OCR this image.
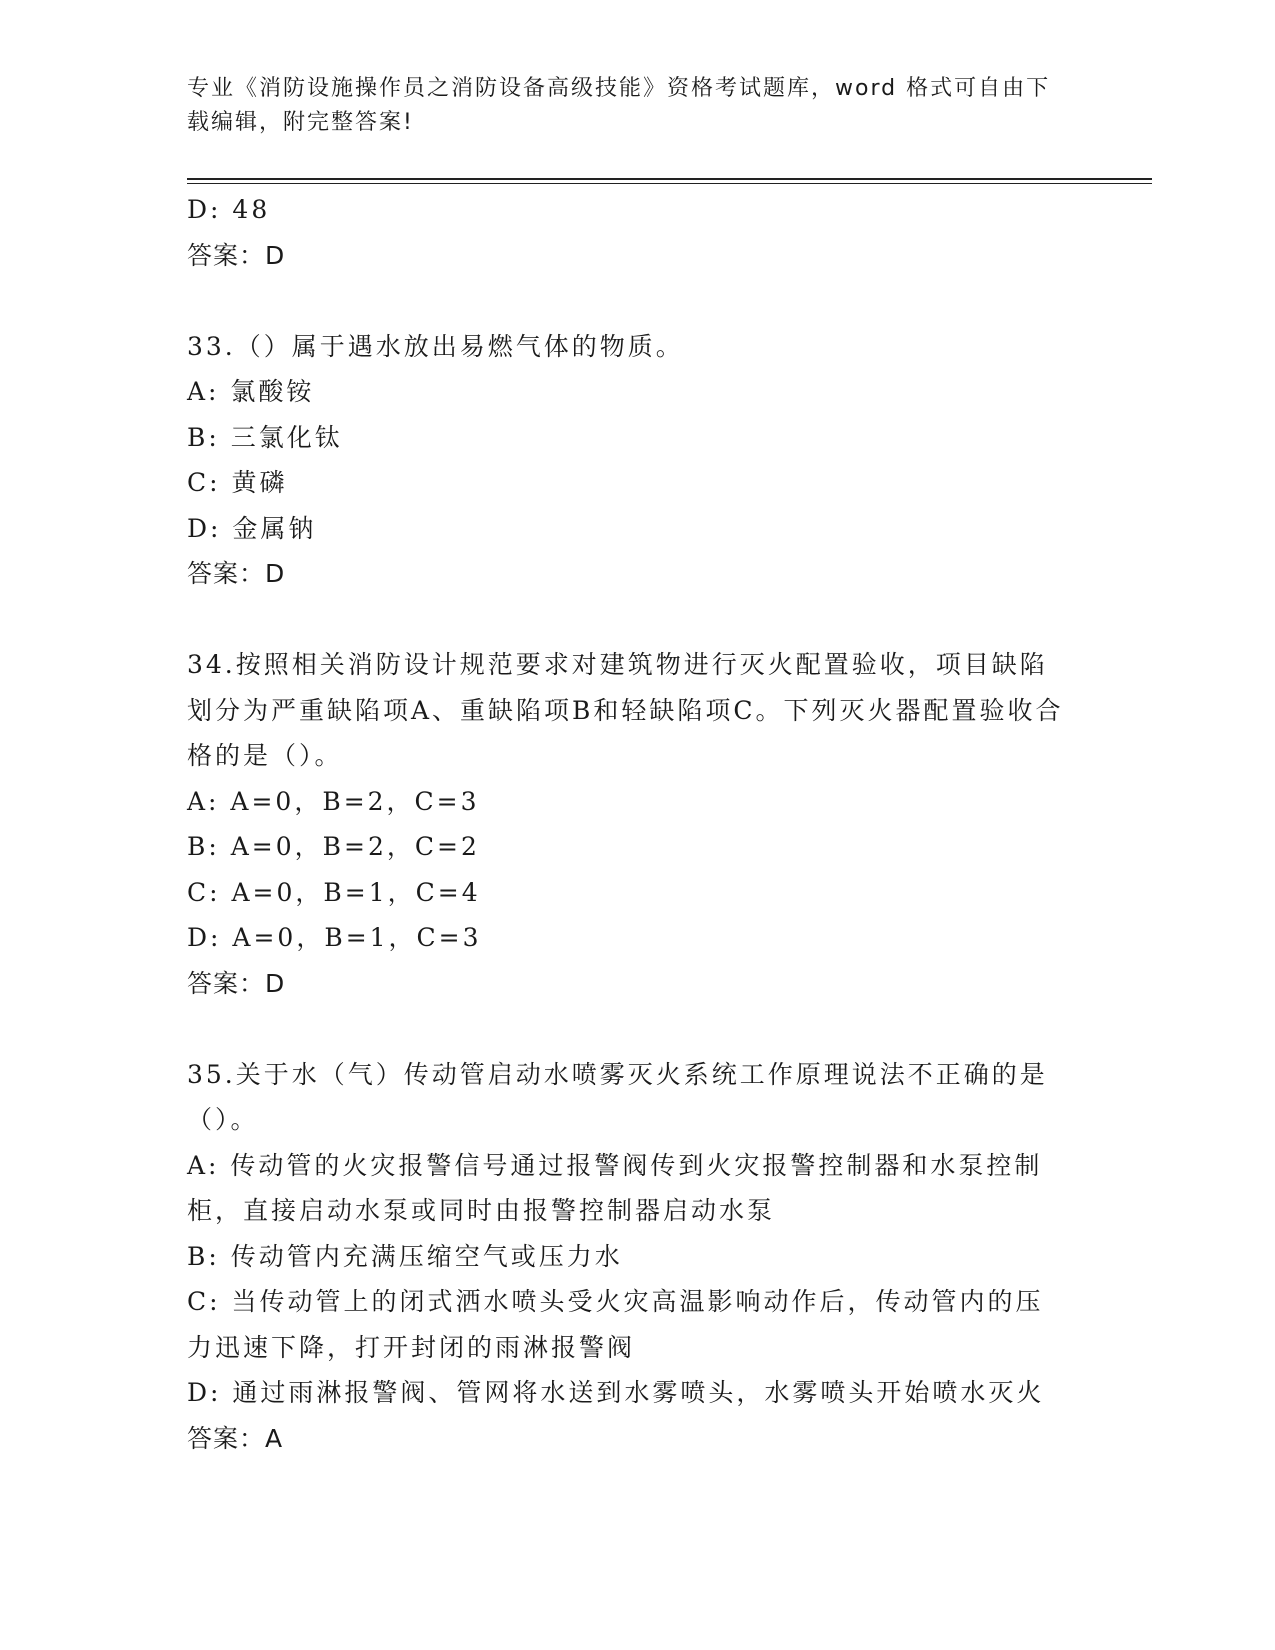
专业《消防设施操作员之消防设备高级技能》资格考试题库，word 格式可自由下载编辑，附完整答案!
D: 48
答案：D
33.（）属于遇水放出易燃气体的物质。
A: 氯酸铵
B: 三氯化钛
C: 黄磷
D: 金属钠
答案：D
34.按照相关消防设计规范要求对建筑物进行灭火配置验收，项目缺陷划分为严重缺陷项A、重缺陷项B和轻缺陷项C。下列灭火器配置验收合格的是（）。
A: A=0，B=2，C=3
B: A=0，B=2，C=2
C: A=0，B=1，C=4
D: A=0，B=1，C=3
答案：D
35.关于水（气）传动管启动水喷雾灭火系统工作原理说法不正确的是（）。
A: 传动管的火灾报警信号通过报警阀传到火灾报警控制器和水泵控制柜，直接启动水泵或同时由报警控制器启动水泵
B: 传动管内充满压缩空气或压力水
C: 当传动管上的闭式洒水喷头受火灾高温影响动作后，传动管内的压力迅速下降，打开封闭的雨淋报警阀
D: 通过雨淋报警阀、管网将水送到水雾喷头，水雾喷头开始喷水灭火
答案：A
